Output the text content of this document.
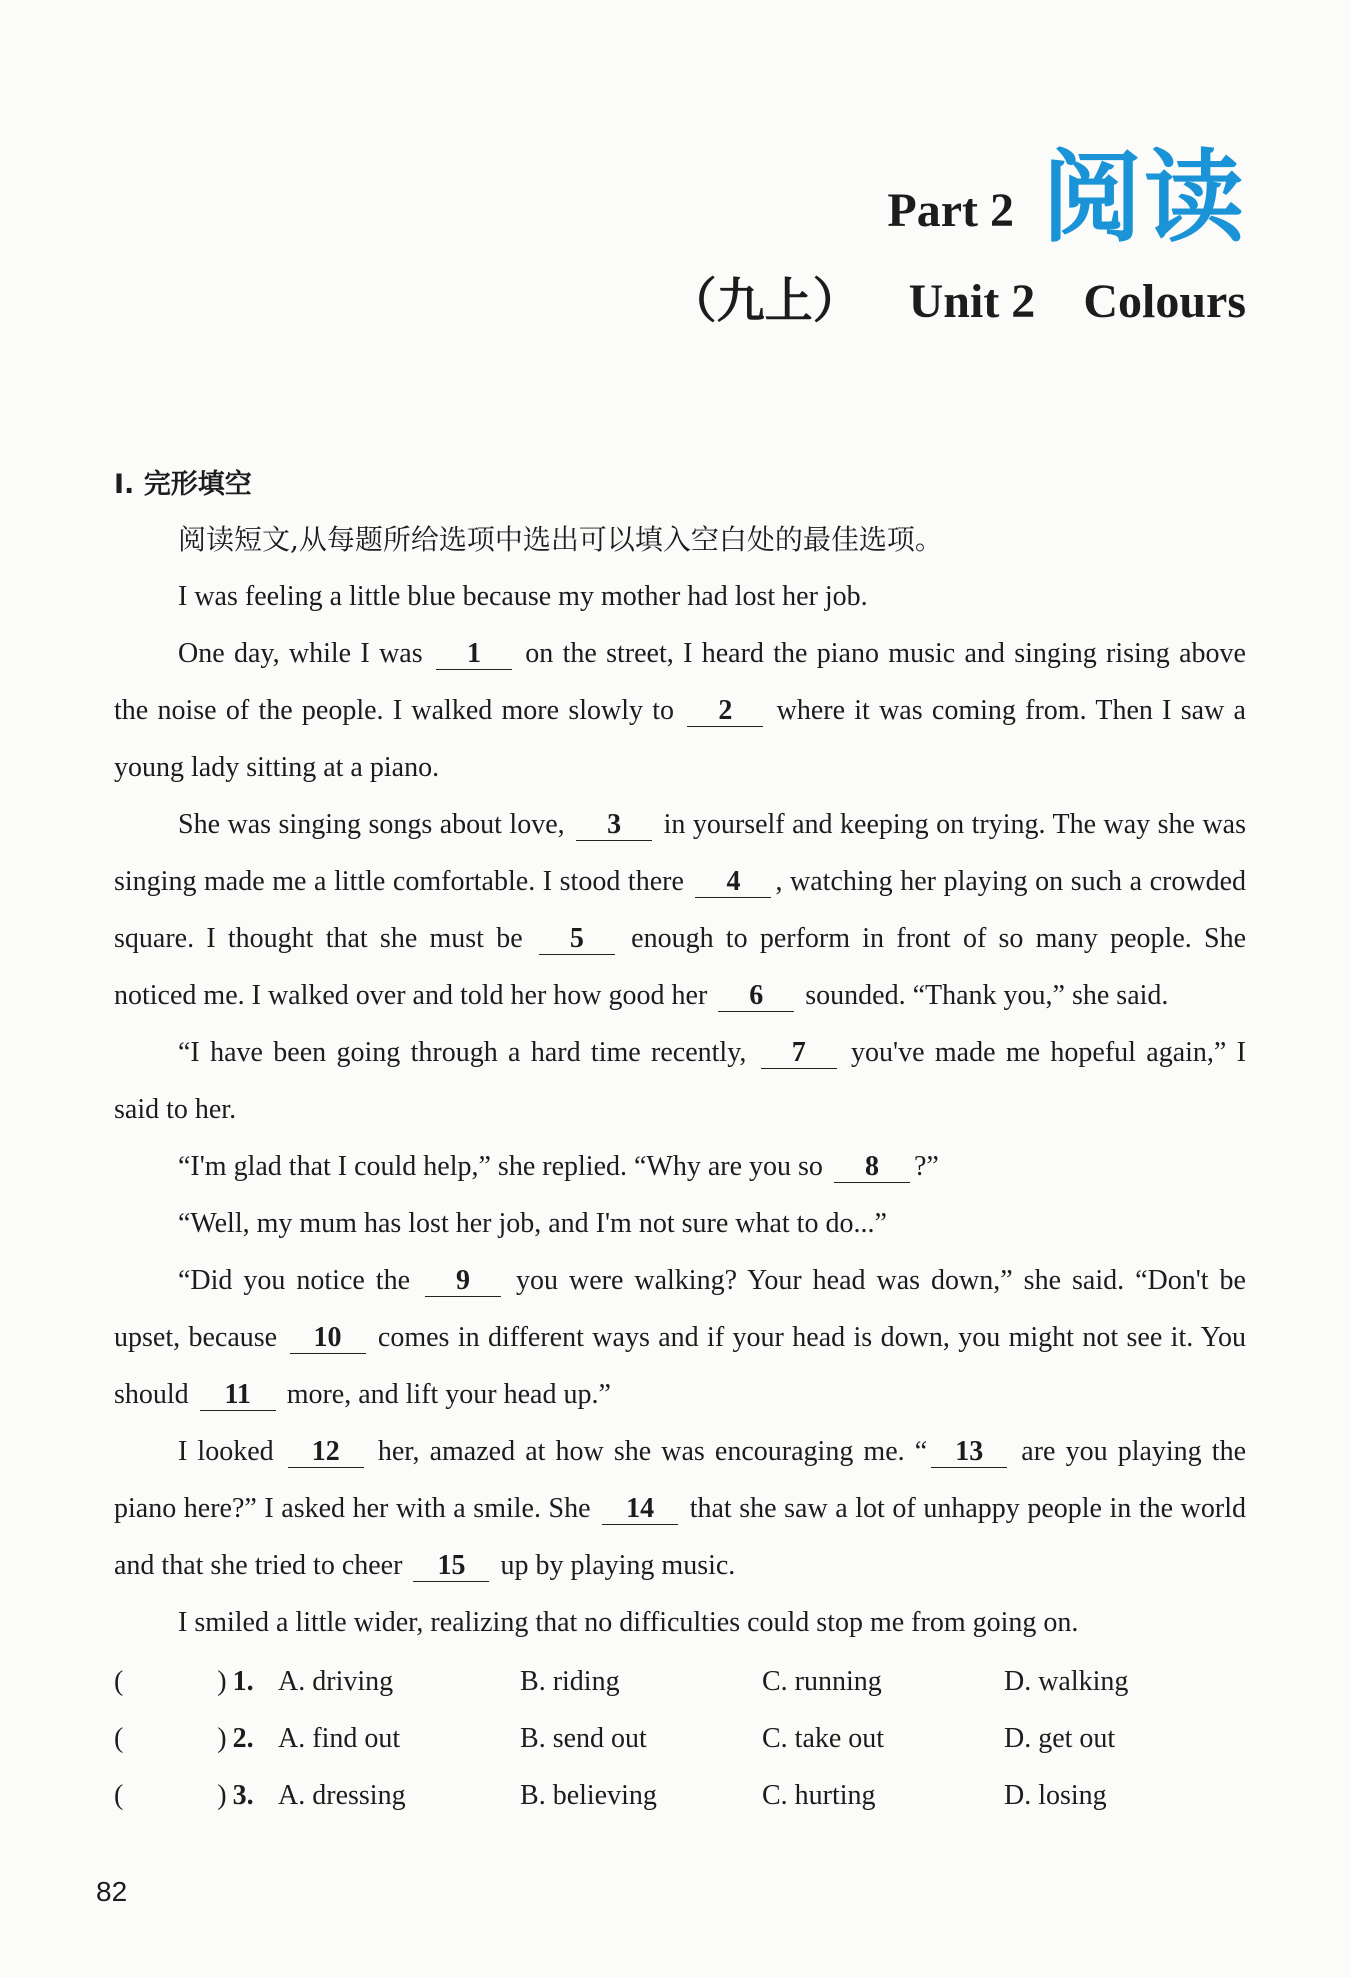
Part 2 阅读
（九上） Unit 2 Colours
Ⅰ. 完形填空
阅读短文,从每题所给选项中选出可以填入空白处的最佳选项。

I was feeling a little blue because my mother had lost her job.

One day, while I was 1 on the street, I heard the piano music and singing rising above the noise of the people. I walked more slowly to 2 where it was coming from. Then I saw a young lady sitting at a piano.

She was singing songs about love, 3 in yourself and keeping on trying. The way she was singing made me a little comfortable. I stood there 4 , watching her playing on such a crowded square. I thought that she must be 5 enough to perform in front of so many people. She noticed me. I walked over and told her how good her 6 sounded. “Thank you,” she said.

“I have been going through a hard time recently, 7 you've made me hopeful again,” I said to her.

“I'm glad that I could help,” she replied. “Why are you so 8 ?”

“Well, my mum has lost her job, and I'm not sure what to do...”

“Did you notice the 9 you were walking? Your head was down,” she said. “Don't be upset, because 10 comes in different ways and if your head is down, you might not see it. You should 11 more, and lift your head up.”

I looked 12 her, amazed at how she was encouraging me. “ 13 are you playing the piano here?” I asked her with a smile. She 14 that she saw a lot of unhappy people in the world and that she tried to cheer 15 up by playing music.

I smiled a little wider, realizing that no difficulties could stop me from going on.

(	) 1. A. driving	B. riding	C. running	D. walking
(	) 2. A. find out	B. send out	C. take out	D. get out
(	) 3. A. dressing	B. believing	C. hurting	D. losing
82
